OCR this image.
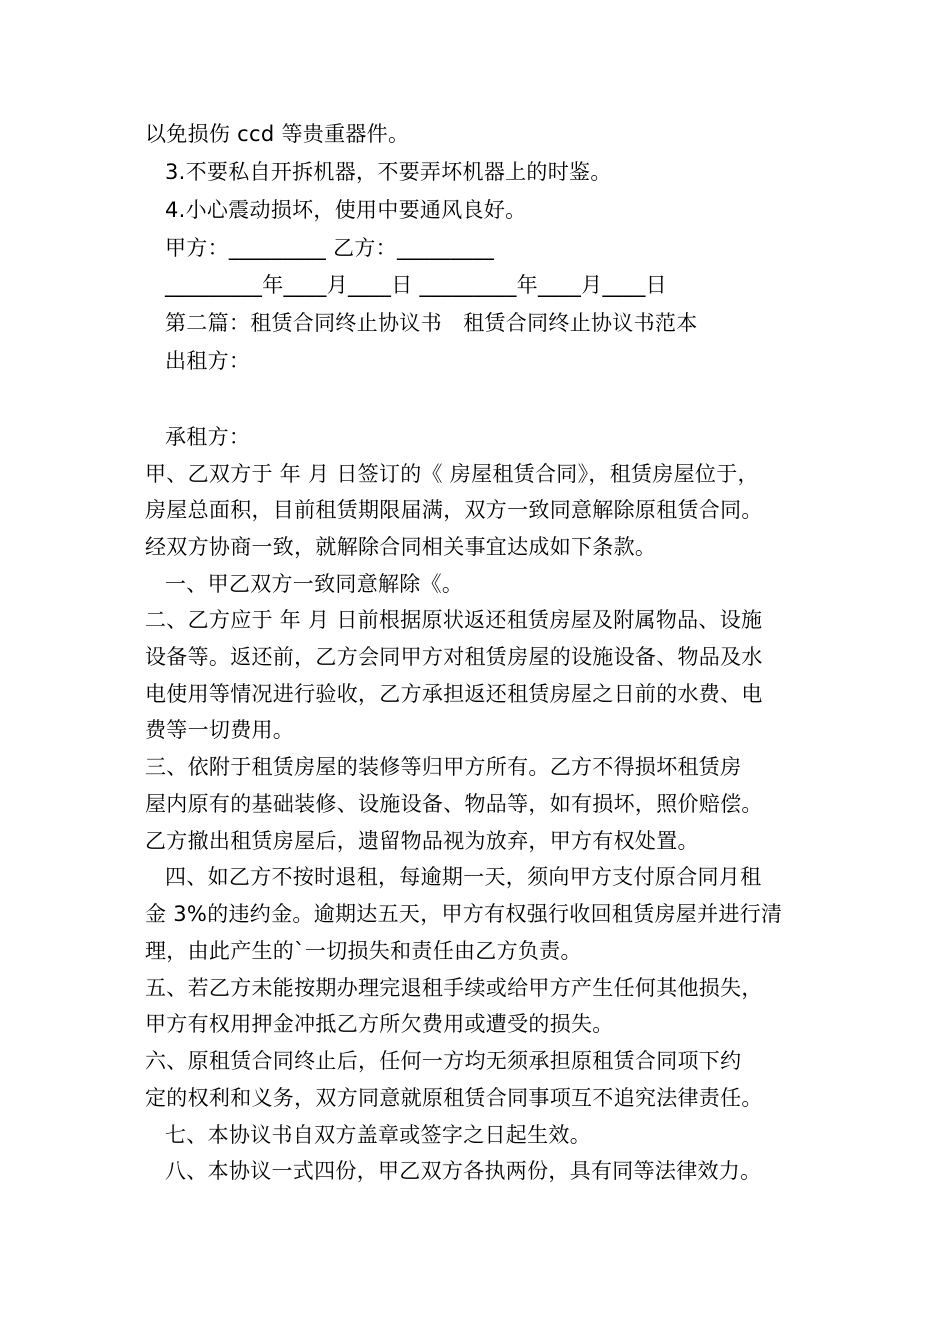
以免损伤 ccd 等贵重器件。
3.不要私自开拆机器，不要弄坏机器上的时鉴。
4.小心震动损坏，使用中要通风良好。
甲方：_________ 乙方：_________
_________年____月____日 _________年____月____日
第二篇：租赁合同终止协议书　租赁合同终止协议书范本
出租方：
承租方：
甲、乙双方于 年 月 日签订的《 房屋租赁合同》，租赁房屋位于，
房屋总面积，目前租赁期限届满，双方一致同意解除原租赁合同。
经双方协商一致，就解除合同相关事宜达成如下条款。
一、甲乙双方一致同意解除《。
二、乙方应于 年 月 日前根据原状返还租赁房屋及附属物品、设施
设备等。返还前，乙方会同甲方对租赁房屋的设施设备、物品及水
电使用等情况进行验收，乙方承担返还租赁房屋之日前的水费、电
费等一切费用。
三、依附于租赁房屋的装修等归甲方所有。乙方不得损坏租赁房
屋内原有的基础装修、设施设备、物品等，如有损坏，照价赔偿。
乙方撤出租赁房屋后，遗留物品视为放弃，甲方有权处置。
四、如乙方不按时退租，每逾期一天，须向甲方支付原合同月租
金 3%的违约金。逾期达五天，甲方有权强行收回租赁房屋并进行清
理，由此产生的`一切损失和责任由乙方负责。
五、若乙方未能按期办理完退租手续或给甲方产生任何其他损失，
甲方有权用押金冲抵乙方所欠费用或遭受的损失。
六、原租赁合同终止后，任何一方均无须承担原租赁合同项下约
定的权利和义务，双方同意就原租赁合同事项互不追究法律责任。
七、本协议书自双方盖章或签字之日起生效。
八、本协议一式四份，甲乙双方各执两份，具有同等法律效力。
